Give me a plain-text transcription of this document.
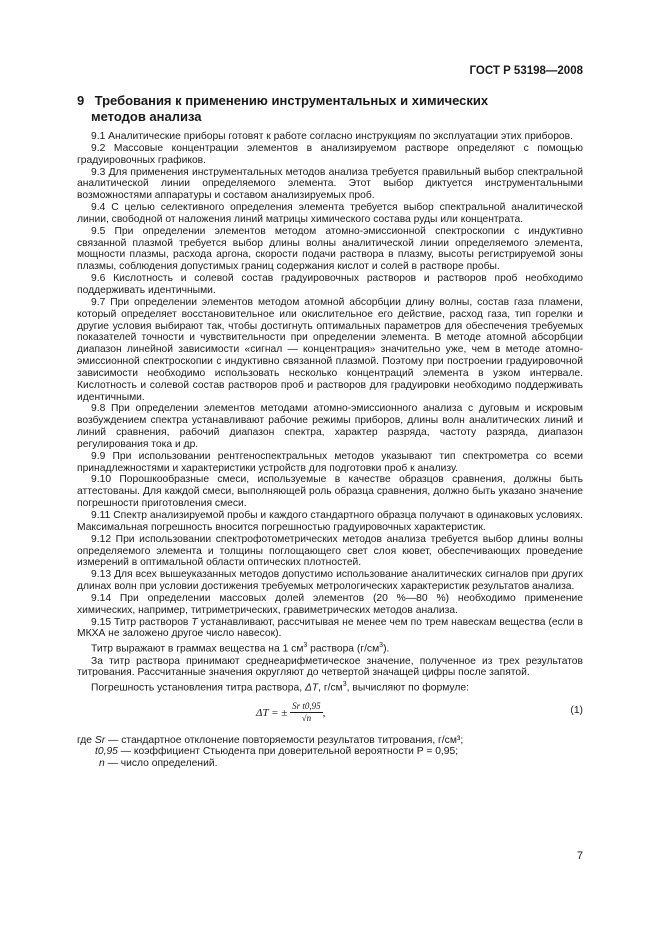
ГОСТ Р 53198—2008
9 Требования к применению инструментальных и химических
методов анализа

9.1 Аналитические приборы готовят к работе согласно инструкциям по эксплуатации этих приборов.

9.2 Массовые концентрации элементов в анализируемом растворе определяют с помощью градуировочных графиков.

9.3 Для применения инструментальных методов анализа требуется правильный выбор спектральной аналитической линии определяемого элемента. Этот выбор диктуется инструментальными возможностями аппаратуры и составом анализируемых проб.

9.4 С целью селективного определения элемента требуется выбор спектральной аналитической линии, свободной от наложения линий матрицы химического состава руды или концентрата.

9.5 При определении элементов методом атомно-эмиссионной спектроскопии с индуктивно связанной плазмой требуется выбор длины волны аналитической линии определяемого элемента, мощности плазмы, расхода аргона, скорости подачи раствора в плазму, высоты регистрируемой зоны плазмы, соблюдения допустимых границ содержания кислот и солей в растворе пробы.

9.6 Кислотность и солевой состав градуировочных растворов и растворов проб необходимо поддерживать идентичными.

9.7 При определении элементов методом атомной абсорбции длину волны, состав газа пламени, который определяет восстановительное или окислительное его действие, расход газа, тип горелки и другие условия выбирают так, чтобы достигнуть оптимальных параметров для обеспечения требуемых показателей точности и чувствительности при определении элемента. В методе атомной абсорбции диапазон линейной зависимости «сигнал — концентрация» значительно уже, чем в методе атомно-эмиссионной спектроскопии с индуктивно связанной плазмой. Поэтому при построении градуировочной зависимости необходимо использовать несколько концентраций элемента в узком интервале. Кислотность и солевой состав растворов проб и растворов для градуировки необходимо поддерживать идентичными.

9.8 При определении элементов методами атомно-эмиссионного анализа с дуговым и искровым возбуждением спектра устанавливают рабочие режимы приборов, длины волн аналитических линий и линий сравнения, рабочий диапазон спектра, характер разряда, частоту разряда, диапазон регулирования тока и др.

9.9 При использовании рентгеноспектральных методов указывают тип спектрометра со всеми принадлежностями и характеристики устройств для подготовки проб к анализу.

9.10 Порошкообразные смеси, используемые в качестве образцов сравнения, должны быть аттестованы. Для каждой смеси, выполняющей роль образца сравнения, должно быть указано значение погрешности приготовления смеси.

9.11 Спектр анализируемой пробы и каждого стандартного образца получают в одинаковых условиях. Максимальная погрешность вносится погрешностью градуировочных характеристик.

9.12 При использовании спектрофотометрических методов анализа требуется выбор длины волны определяемого элемента и толщины поглощающего свет слоя кювет, обеспечивающих проведение измерений в оптимальной области оптических плотностей.

9.13 Для всех вышеуказанных методов допустимо использование аналитических сигналов при других длинах волн при условии достижения требуемых метрологических характеристик результатов анализа.

9.14 При определении массовых долей элементов (20 %—80 %) необходимо применение химических, например, титриметрических, гравиметрических методов анализа.

9.15 Титр растворов T устанавливают, рассчитывая не менее чем по трем навескам вещества (если в МКХА не заложено другое число навесок).

Титр выражают в граммах вещества на 1 $см^3$ раствора $(г/см^3)$.

За титр раствора принимают среднеарифметическое значение, полученное из трех результатов титрования. Рассчитанные значения округляют до четвертой значащей цифры после запятой.

Погрешность установления титра раствора, ΔT, $г/см^3$, вычисляют по формуле:

ΔT = ± $\frac{\text{Sr t0,95}}{√n}$ ,	(1)

где Sr — стандартное отклонение повторяемости результатов титрования, г/см³;

t0,95 — коэффициент Стьюдента при доверительной вероятности P = 0,95;

n — число определений.

7
